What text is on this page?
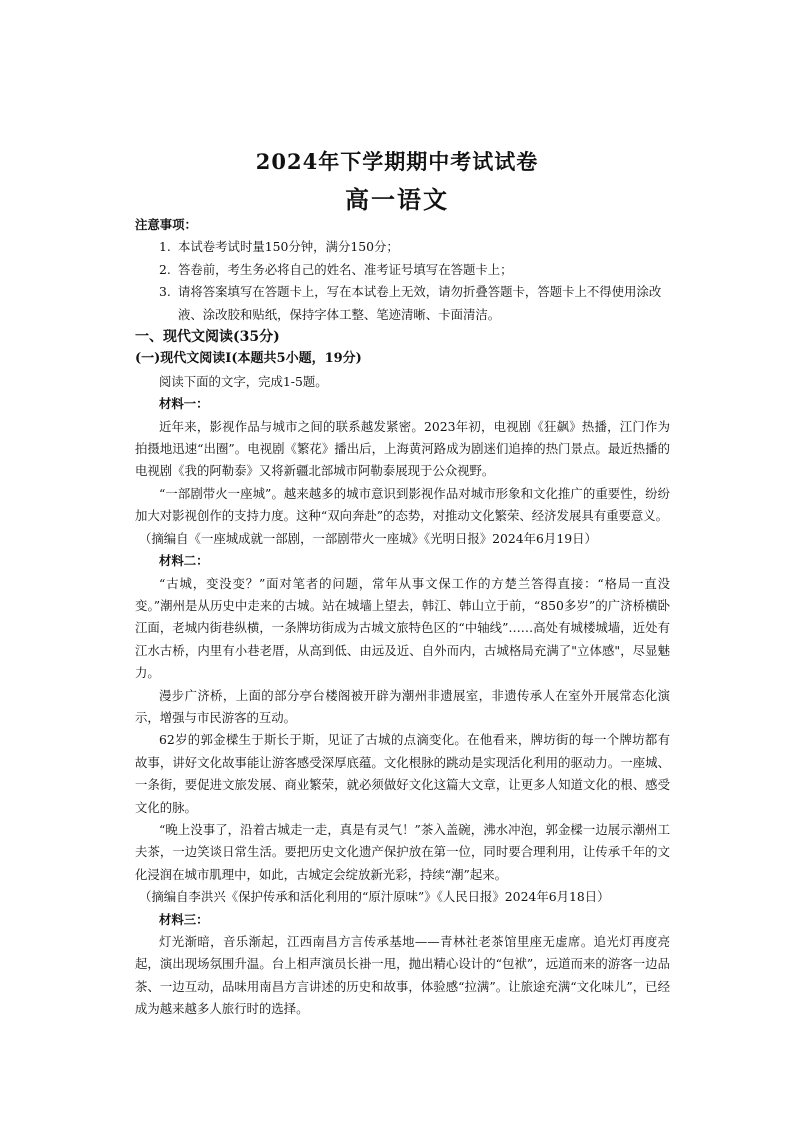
2024年下学期期中考试试卷
高一语文

注意事项：

1. 本试卷考试时量150分钟，满分150分；
2. 答卷前，考生务必将自己的姓名、准考证号填写在答题卡上；
3. 请将答案填写在答题卡上，写在本试卷上无效，请勿折叠答题卡，答题卡上不得使用涂改液、涂改胶和贴纸，保持字体工整、笔迹清晰、卡面清洁。

一、现代文阅读(35分)

(一)现代文阅读I(本题共5小题，19分)

阅读下面的文字，完成1-5题。

材料一：

近年来，影视作品与城市之间的联系越发紧密。2023年初，电视剧《狂飙》热播，江门作为拍摄地迅速“出圈”。电视剧《繁花》播出后，上海黄河路成为剧迷们追捧的热门景点。最近热播的电视剧《我的阿勒泰》又将新疆北部城市阿勒泰展现于公众视野。

“一部剧带火一座城”。越来越多的城市意识到影视作品对城市形象和文化推广的重要性，纷纷加大对影视创作的支持力度。这种“双向奔赴”的态势，对推动文化繁荣、经济发展具有重要意义。

（摘编自《一座城成就一部剧，一部剧带火一座城》《光明日报》2024年6月19日）

材料二：

“古城，变没变？”面对笔者的问题，常年从事文保工作的方楚兰答得直接：“格局一直没变。”潮州是从历史中走来的古城。站在城墙上望去，韩江、韩山立于前，“850多岁”的广济桥横卧江面，老城内街巷纵横，一条牌坊街成为古城文旅特色区的“中轴线”……高处有城楼城墙，近处有江水古桥，内里有小巷老厝，从高到低、由远及近、自外而内，古城格局充满了"立体感"，尽显魅力。

漫步广济桥，上面的部分亭台楼阁被开辟为潮州非遗展室，非遗传承人在室外开展常态化演示，增强与市民游客的互动。

62岁的郭金樑生于斯长于斯，见证了古城的点滴变化。在他看来，牌坊街的每一个牌坊都有故事，讲好文化故事能让游客感受深厚底蕴。文化根脉的跳动是实现活化利用的驱动力。一座城、一条街，要促进文旅发展、商业繁荣，就必须做好文化这篇大文章，让更多人知道文化的根、感受文化的脉。

“晚上没事了，沿着古城走一走，真是有灵气！”茶入盖碗，沸水冲泡，郭金樑一边展示潮州工夫茶，一边笑谈日常生活。要把历史文化遗产保护放在第一位，同时要合理利用，让传承千年的文化浸润在城市肌理中，如此，古城定会绽放新光彩，持续“潮”起来。

（摘编自李洪兴《保护传承和活化利用的“原汁原味”》《人民日报》2024年6月18日）

材料三：

灯光渐暗，音乐渐起，江西南昌方言传承基地——青林社老茶馆里座无虚席。追光灯再度亮起，演出现场氛围升温。台上相声演员长褂一甩，抛出精心设计的“包袱”，远道而来的游客一边品茶、一边互动，品味用南昌方言讲述的历史和故事，体验感“拉满”。让旅途充满“文化味儿”，已经成为越来越多人旅行时的选择。
